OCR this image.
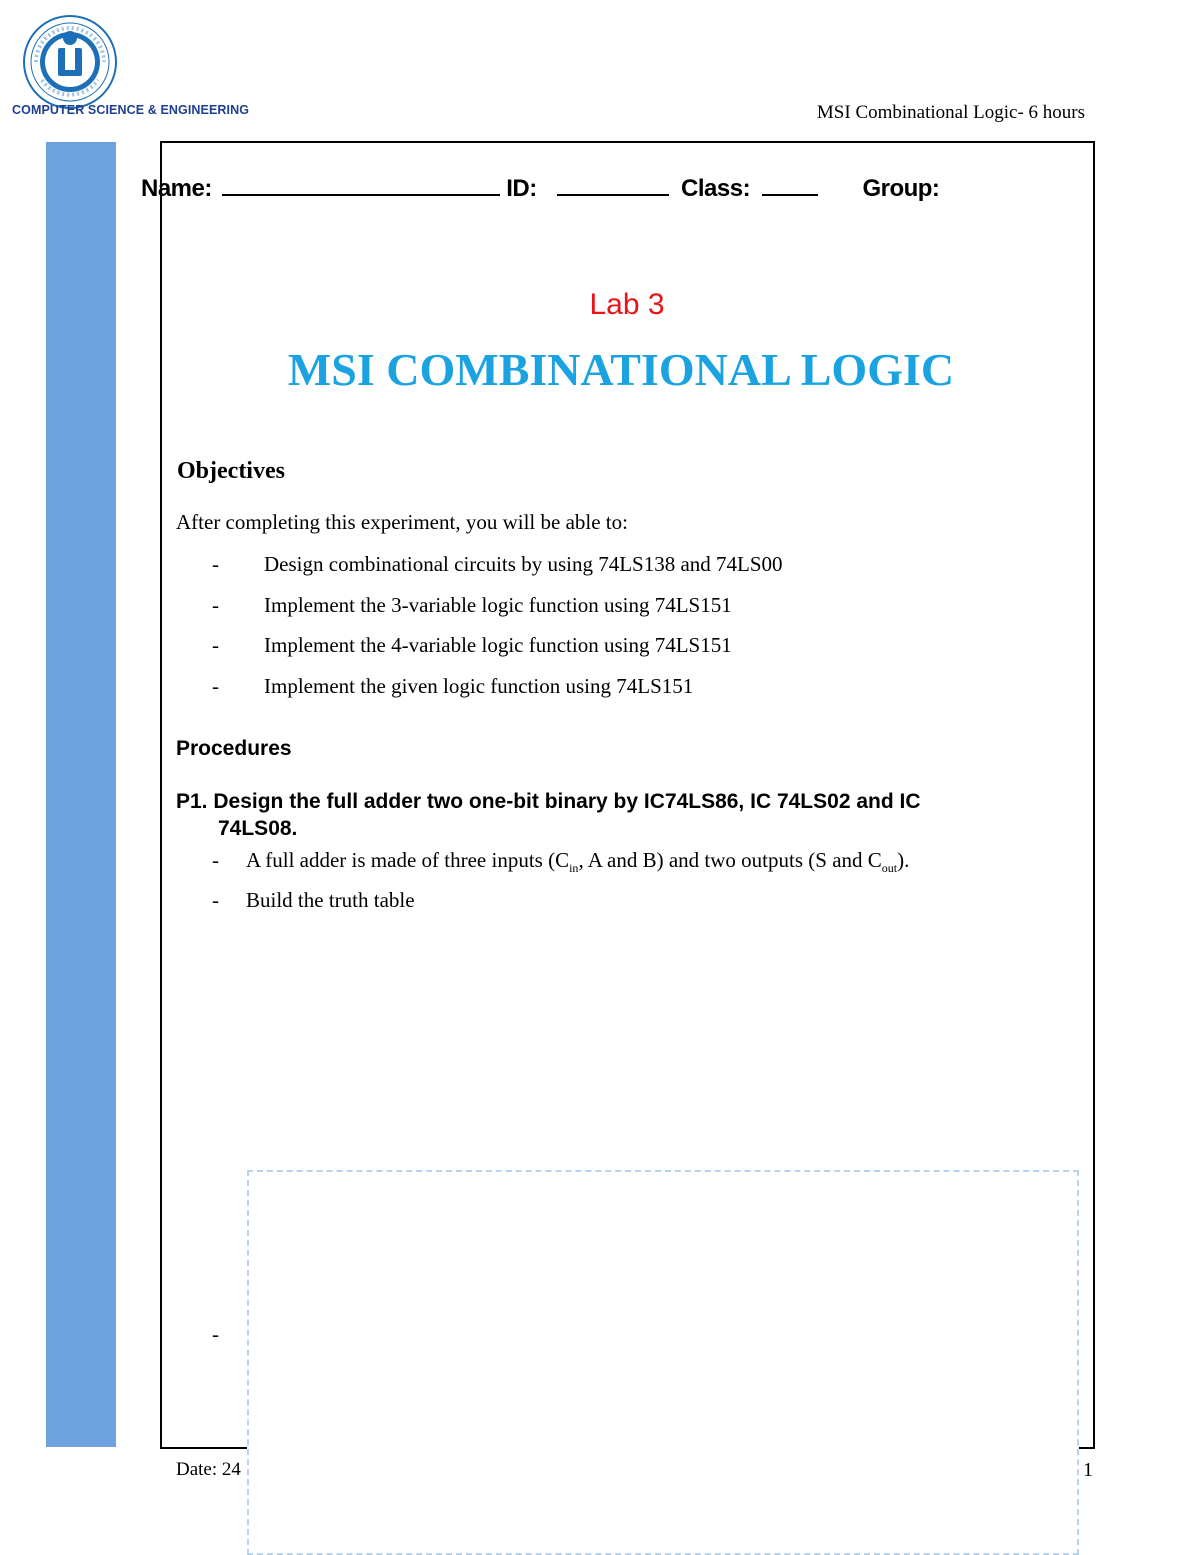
COMPUTER SCIENCE & ENGINEERING	MSI Combinational Logic- 6 hours
Name:	ID:	Class:	Group:
Lab 3
MSI COMBINATIONAL LOGIC
Objectives
After completing this experiment, you will be able to:
- Design combinational circuits by using 74LS138 and 74LS00
- Implement the 3-variable logic function using 74LS151
- Implement the 4-variable logic function using 74LS151
- Implement the given logic function using 74LS151
Procedures
P1. Design the full adder two one-bit binary by IC74LS86, IC 74LS02 and IC
74LS08.
- A full adder is made of three inputs ($C_{in}$, A and B) and two outputs (S and $C_{out}$).
- Build the truth table
-
Date: 24	1
